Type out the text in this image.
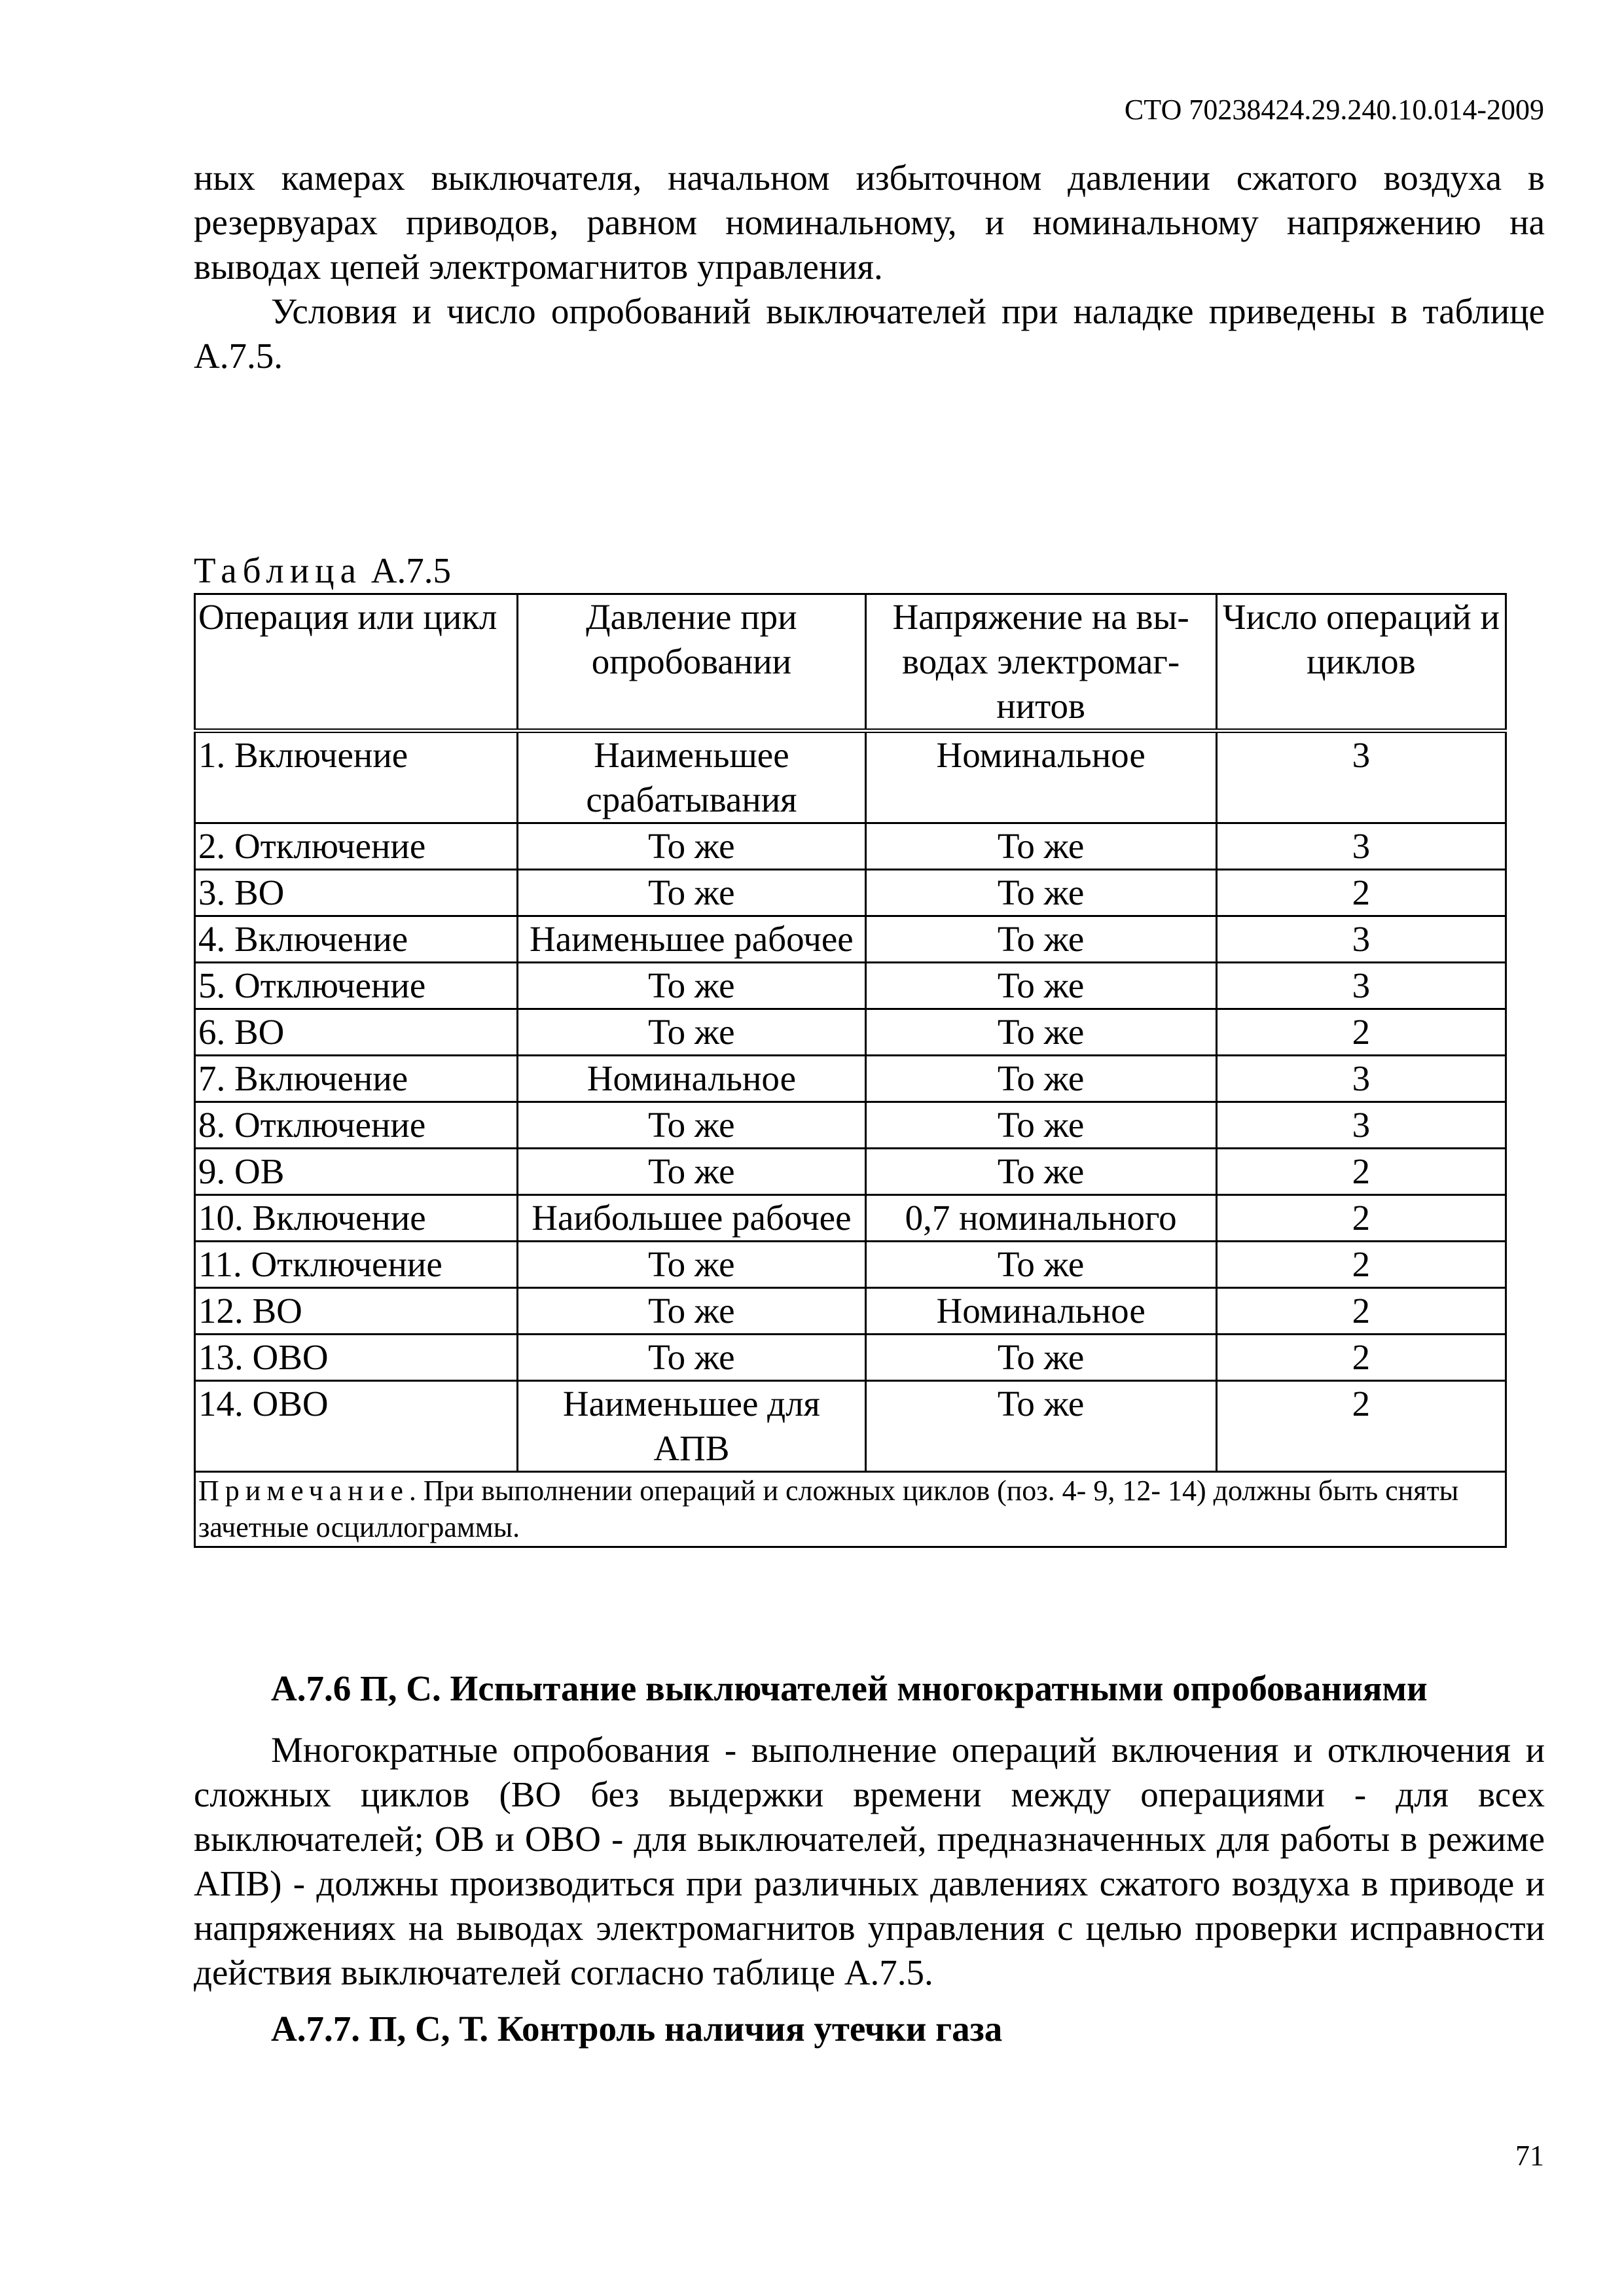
СТО 70238424.29.240.10.014-2009

ных камерах выключателя, начальном избыточном давлении сжатого воздуха в резервуарах приводов, равном номинальному, и номинальному напряжению на выводах цепей электромагнитов управления.

Условия и число опробований выключателей при наладке приведены в таблице А.7.5.

Таблица А.7.5
Операция или цикл	Давление при опробовании	Напряжение на выводах электромагнитов	Число операций и циклов
1. Включение	Наименьшее срабатывания	Номинальное	3
2. Отключение	То же	То же	3
3. ВО	То же	То же	2
4. Включение	Наименьшее рабочее	То же	3
5. Отключение	То же	То же	3
6. ВО	То же	То же	2
7. Включение	Номинальное	То же	3
8. Отключение	То же	То же	3
9. ОВ	То же	То же	2
10. Включение	Наибольшее рабочее	0,7 номинального	2
11. Отключение	То же	То же	2
12. ВО	То же	Номинальное	2
13. ОВО	То же	То же	2
14. ОВО	Наименьшее для АПВ	То же	2
Примечание. При выполнении операций и сложных циклов (поз. 4- 9, 12- 14) должны быть сняты зачетные осциллограммы.			
А.7.6 П, С. Испытание выключателей многократными опробованиями

Многократные опробования - выполнение операций включения и отключения и сложных циклов (ВО без выдержки времени между операциями - для всех выключателей; ОВ и ОВО - для выключателей, предназначенных для работы в режиме АПВ) - должны производиться при различных давлениях сжатого воздуха в приводе и напряжениях на выводах электромагнитов управления с целью проверки исправности действия выключателей согласно таблице А.7.5.

А.7.7. П, С, Т. Контроль наличия утечки газа
71
